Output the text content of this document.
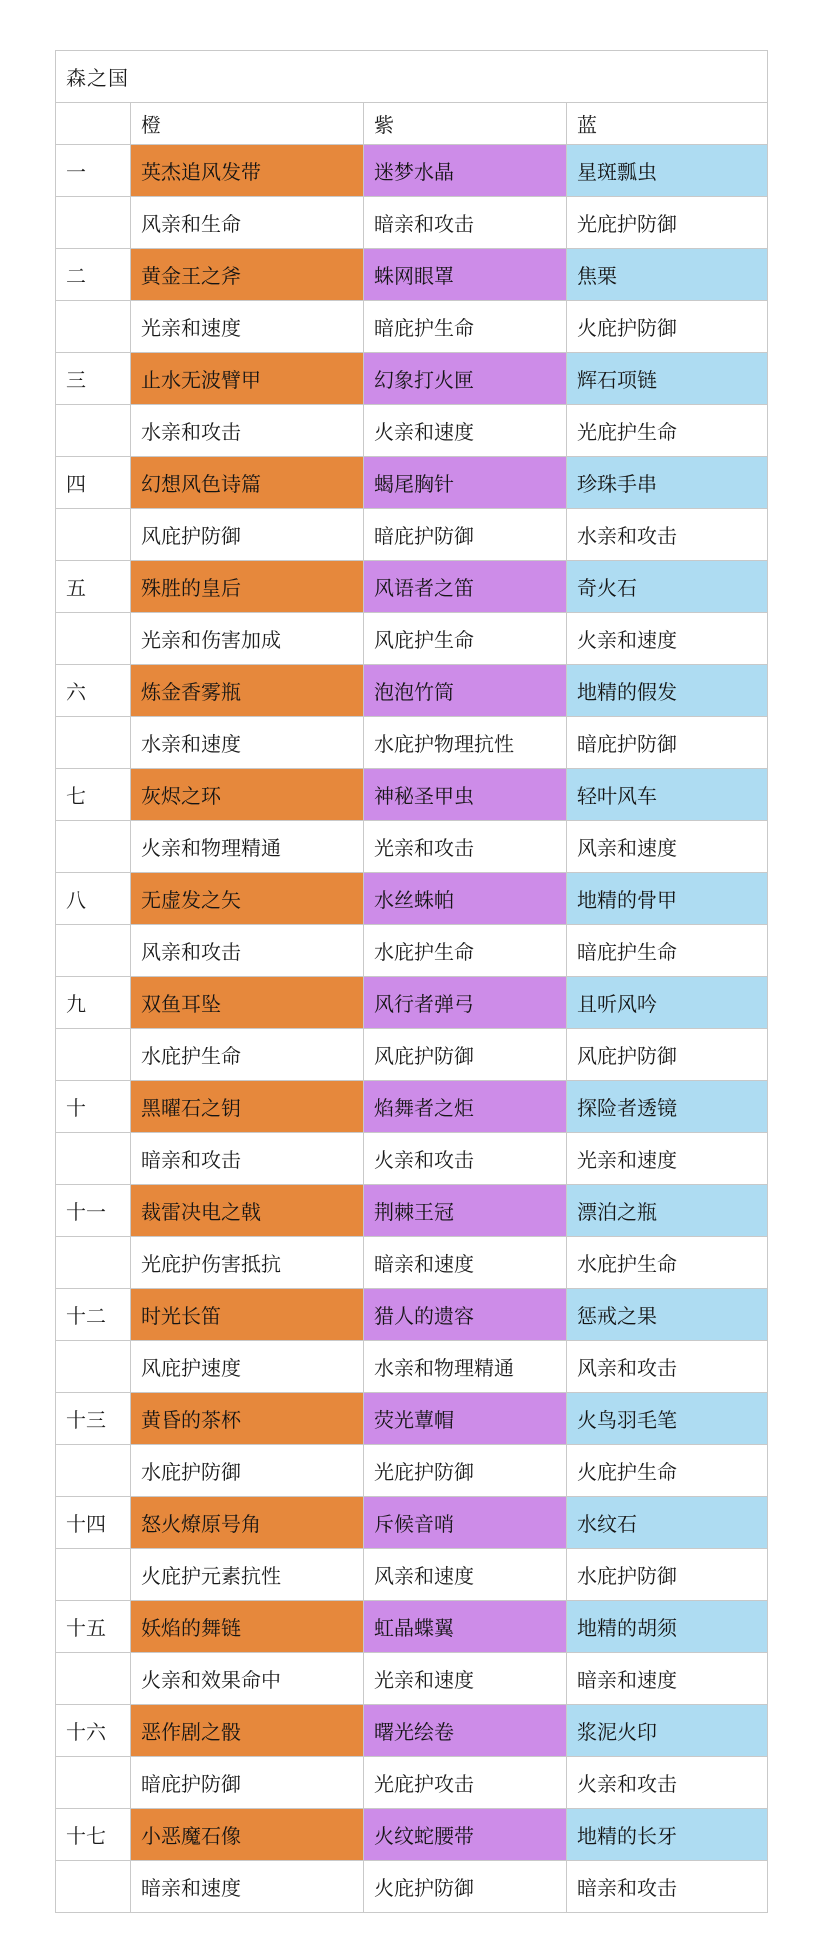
森之国			
	橙	紫	蓝
一	英杰追风发带	迷梦水晶	星斑瓢虫
	风亲和生命	暗亲和攻击	光庇护防御
二	黄金王之斧	蛛网眼罩	焦栗
	光亲和速度	暗庇护生命	火庇护防御
三	止水无波臂甲	幻象打火匣	辉石项链
	水亲和攻击	火亲和速度	光庇护生命
四	幻想风色诗篇	蝎尾胸针	珍珠手串
	风庇护防御	暗庇护防御	水亲和攻击
五	殊胜的皇后	风语者之笛	奇火石
	光亲和伤害加成	风庇护生命	火亲和速度
六	炼金香雾瓶	泡泡竹筒	地精的假发
	水亲和速度	水庇护物理抗性	暗庇护防御
七	灰烬之环	神秘圣甲虫	轻叶风车
	火亲和物理精通	光亲和攻击	风亲和速度
八	无虚发之矢	水丝蛛帕	地精的骨甲
	风亲和攻击	水庇护生命	暗庇护生命
九	双鱼耳坠	风行者弹弓	且听风吟
	水庇护生命	风庇护防御	风庇护防御
十	黑曜石之钥	焰舞者之炬	探险者透镜
	暗亲和攻击	火亲和攻击	光亲和速度
十一	裁雷决电之戟	荆棘王冠	漂泊之瓶
	光庇护伤害抵抗	暗亲和速度	水庇护生命
十二	时光长笛	猎人的遗容	惩戒之果
	风庇护速度	水亲和物理精通	风亲和攻击
十三	黄昏的茶杯	荧光蕈帽	火鸟羽毛笔
	水庇护防御	光庇护防御	火庇护生命
十四	怒火燎原号角	斥候音哨	水纹石
	火庇护元素抗性	风亲和速度	水庇护防御
十五	妖焰的舞链	虹晶蝶翼	地精的胡须
	火亲和效果命中	光亲和速度	暗亲和速度
十六	恶作剧之骰	曙光绘卷	浆泥火印
	暗庇护防御	光庇护攻击	火亲和攻击
十七	小恶魔石像	火纹蛇腰带	地精的长牙
	暗亲和速度	火庇护防御	暗亲和攻击
